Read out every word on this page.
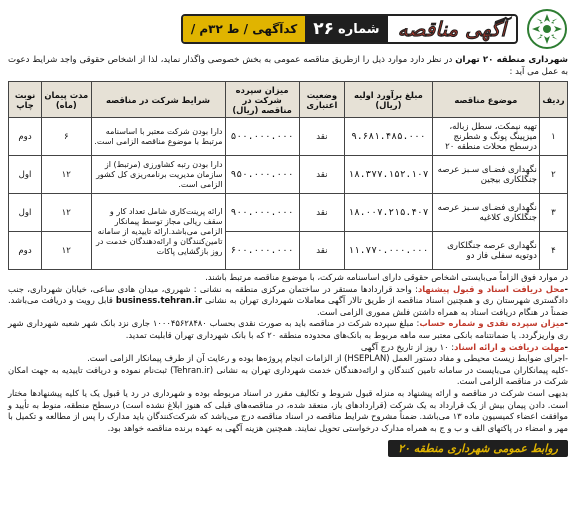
آگهی مناقصه
شماره
۲۶
کدآگهی / ط ۳۲م /
شهرداری منطقه ۲۰ تهران در نظر دارد موارد ذیل را ازطریق مناقصه عمومی به بخش خصوصی واگذار نماید، لذا از اشخاص حقوقی واجد شرایط دعوت به عمل می آید :
ردیف	موضوع مناقصه	مبلغ برآورد اولیه (ریال)	وضعیت اعتباری	میزان سپرده شرکت در مناقصه (ریال)	شرایط شرکت در مناقصه	مدت پیمان (ماه)	نوبت چاپ
۱	تهیه نیمکت، سطل زباله، میزپینگ پونگ و شطرنج درسطح محلات منطقه ۲۰	۹.۶۸۱.۴۸۵.۰۰۰	نقد	۵۰۰.۰۰۰.۰۰۰	دارا بودن شرکت معتبر با اساسنامه مرتبط با موضوع مناقصه الزامی است.	۶	دوم
۲	نگهداری فضـای سـبز عرصه جنگلکاری بیجین	۱۸.۳۷۷.۱۵۲.۱۰۷	نقد	۹۵۰.۰۰۰.۰۰۰	دارا بودن رتبه کشاورزی (مرتبط) از سازمان مدیریت برنامه‌ریزی کل کشور الزامی است.	۱۲	اول
۳	نگهداری فضـای سـبز عرصه جنگلکاری کلاغیه	۱۸.۰۰۷.۲۱۵.۴۰۷	نقد	۹۰۰.۰۰۰.۰۰۰	ارائه پرینت‌کاری شامل تعداد کار و سقف ریالی مجاز توسط پیمانکار الزامی می‌باشد.ارائه تاییدیه از سامانه تامین‌کنندگان و ارائه‌دهندگان خدمت در روز بازگشایی پاکات	۱۲	اول
۴	نگهداری عرصه جنگلکاری دوتویه سفلی فاز دو	۱۱.۷۷۰.۰۰۰.۰۰۰	نقد	۶۰۰.۰۰۰.۰۰۰		۱۲	دوم

در موارد فوق الزاماً می‌بایستی اشخاص حقوقی دارای اساسنامه شرکت، با موضوع مناقصه مرتبط باشند.

-محل دریافت اسناد و قبول پیشنهاد: واحد قراردادها مستقر در ساختمان مرکزی منطقه به نشانی : شهرری، میدان هادی ساعی، خیابان شهرداری، جنب دادگستری شهرستان ری و همچنین اسناد مناقصه از طریق تالار آگهی معاملات شهرداری تهران به نشانی business.tehran.ir قابل رویت و دریافت می‌باشد. ضمناً در هنگام دریافت اسناد به همراه داشتن فلش مموری الزامی است.

-میزان سپرده نقدی و شماره حساب: مبلغ سپرده شرکت در مناقصه باید به صورت نقدی بحساب ۱۰۰۰۴۵۶۲۸۴۸۰ جاری نزد بانک شهر شعبه شهرداری شهر ری واریزگردد. یا ضمانتنامه بانکی معتبر سه ماهه مربوط به بانک‌های محدوده منطقه ۲۰ که با بانک شهرداری تهران قابلیت تمدید.

-مهلت دریافت و ارائه اسناد: ۱۰ روز از تاریخ درج آگهی

-اجرای ضوابط زیست محیطی و مفاد دستور العمل (HSEPLAN) از الزامات انجام پروژه‌ها بوده و رعایت آن از طرف پیمانکار الزامی است.

-کلیه پیمانکاران می‌بایست در سامانه تامین کنندگان و ارائه‌دهندگان خدمت شهرداری تهران به نشانی (Tehran.ir) ثبت‌نام نموده و دریافت تاییدیه به جهت امکان شرکت در مناقصه الزامی است.

بدیهی است شرکت در مناقصه و ارائه پیشنهاد به منزله قبول شروط و تکالیف مقرر در اسناد مربوطه بوده و شهرداری در رد یا قبول یک یا کلیه پیشنهادها مختار است. دادن پیمان بیش از یک قرارداد به یک شرکت (قراردادهای باز، منعقد شده، در مناقصه‌های قبلی که هنوز ابلاغ نشده است) درسطح منطقه، منوط به تأیید و موافقت اعضاء کمیسیون ماده ۱۳ می‌باشد. ضمناً مشروح شرایط مناقصه در اسناد مناقصه درج می‌باشد که شرکت‌کنندگان باید مدارک را پس از مطالعه و تکمیل با مهر و امضاء در پاکتهای الف و ب و ج به همراه مدارک درخواستی تحویل نمایند. همچنین هزینه آگهی به عهده برنده مناقصه خواهد بود.

روابط عمومی شهرداری منطقه ۲۰
